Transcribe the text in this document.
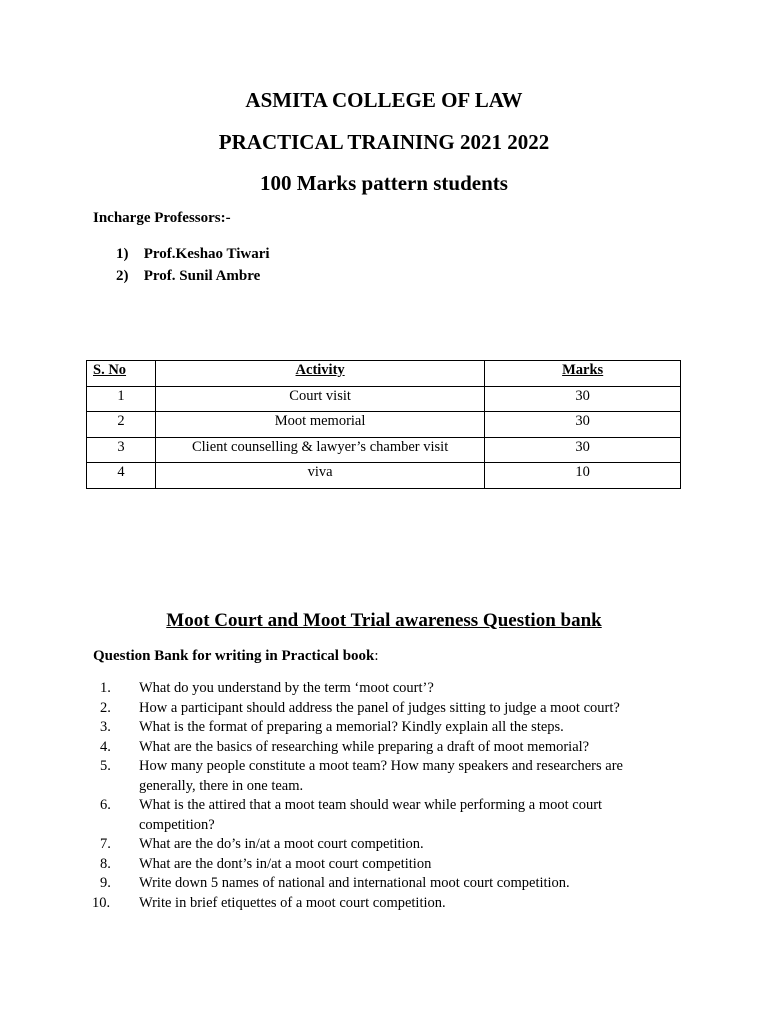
ASMITA COLLEGE OF LAW
PRACTICAL TRAINING 2021 2022
100 Marks pattern students
Incharge Professors:-
1) Prof.Keshao Tiwari
2) Prof. Sunil Ambre
S. No	Activity	Marks
1	Court visit	30
2	Moot memorial	30
3	Client counselling & lawyer’s chamber visit	30
4	viva	10
Moot Court and Moot Trial awareness Question bank
Question Bank for writing in Practical book:
1.	What do you understand by the term ‘moot court’?
2.	How a participant should address the panel of judges sitting to judge a moot court?
3.	What is the format of preparing a memorial? Kindly explain all the steps.
4.	What are the basics of researching while preparing a draft of moot memorial?
5.	How many people constitute a moot team? How many speakers and researchers are generally, there in one team.
6.	What is the attired that a moot team should wear while performing a moot court competition?
7.	What are the do’s in/at a moot court competition.
8.	What are the dont’s in/at a moot court competition
9.	Write down 5 names of national and international moot court competition.
10.	Write in brief etiquettes of a moot court competition.
